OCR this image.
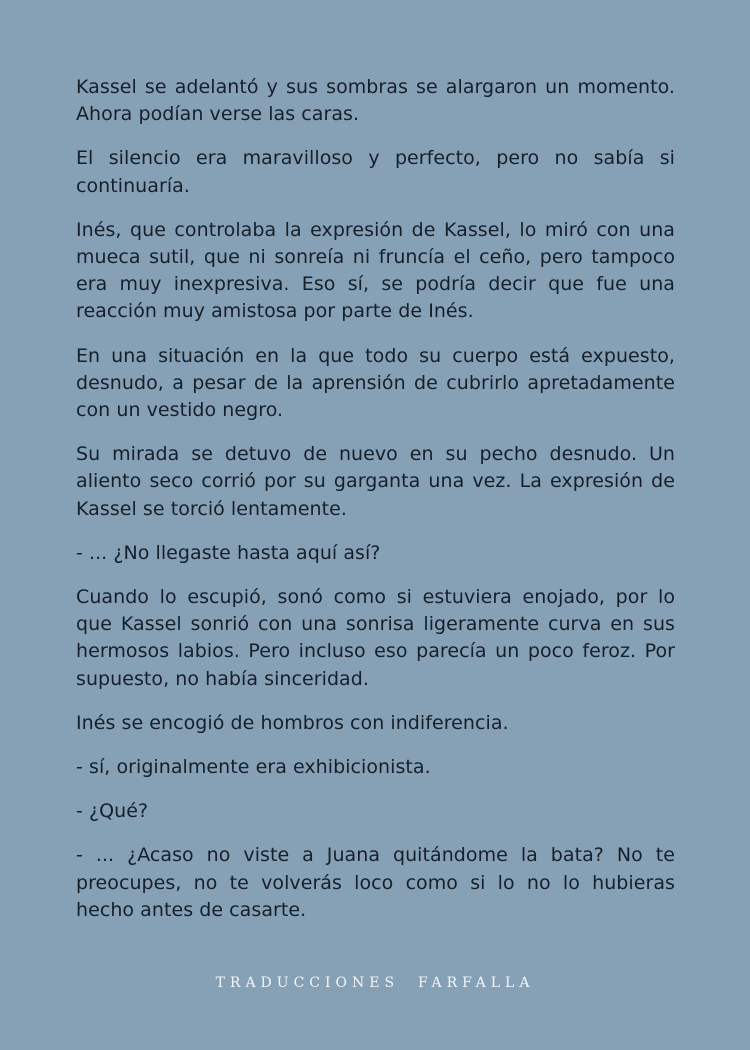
Kassel se adelantó y sus sombras se alargaron un momento. Ahora podían verse las caras.

El silencio era maravilloso y perfecto, pero no sabía si continuaría.

Inés, que controlaba la expresión de Kassel, lo miró con una mueca sutil, que ni sonreía ni fruncía el ceño, pero tampoco era muy inexpresiva. Eso sí, se podría decir que fue una reacción muy amistosa por parte de Inés.

En una situación en la que todo su cuerpo está expuesto, desnudo, a pesar de la aprensión de cubrirlo apretadamente con un vestido negro.

Su mirada se detuvo de nuevo en su pecho desnudo. Un aliento seco corrió por su garganta una vez. La expresión de Kassel se torció lentamente.

- ... ¿No llegaste hasta aquí así?

Cuando lo escupió, sonó como si estuviera enojado, por lo que Kassel sonrió con una sonrisa ligeramente curva en sus hermosos labios. Pero incluso eso parecía un poco feroz. Por supuesto, no había sinceridad.

Inés se encogió de hombros con indiferencia.

- sí, originalmente era exhibicionista.

- ¿Qué?

- ... ¿Acaso no viste a Juana quitándome la bata? No te preocupes, no te volverás loco como si lo no lo hubieras hecho antes de casarte.

TRADUCCIONES  FARFALLA
